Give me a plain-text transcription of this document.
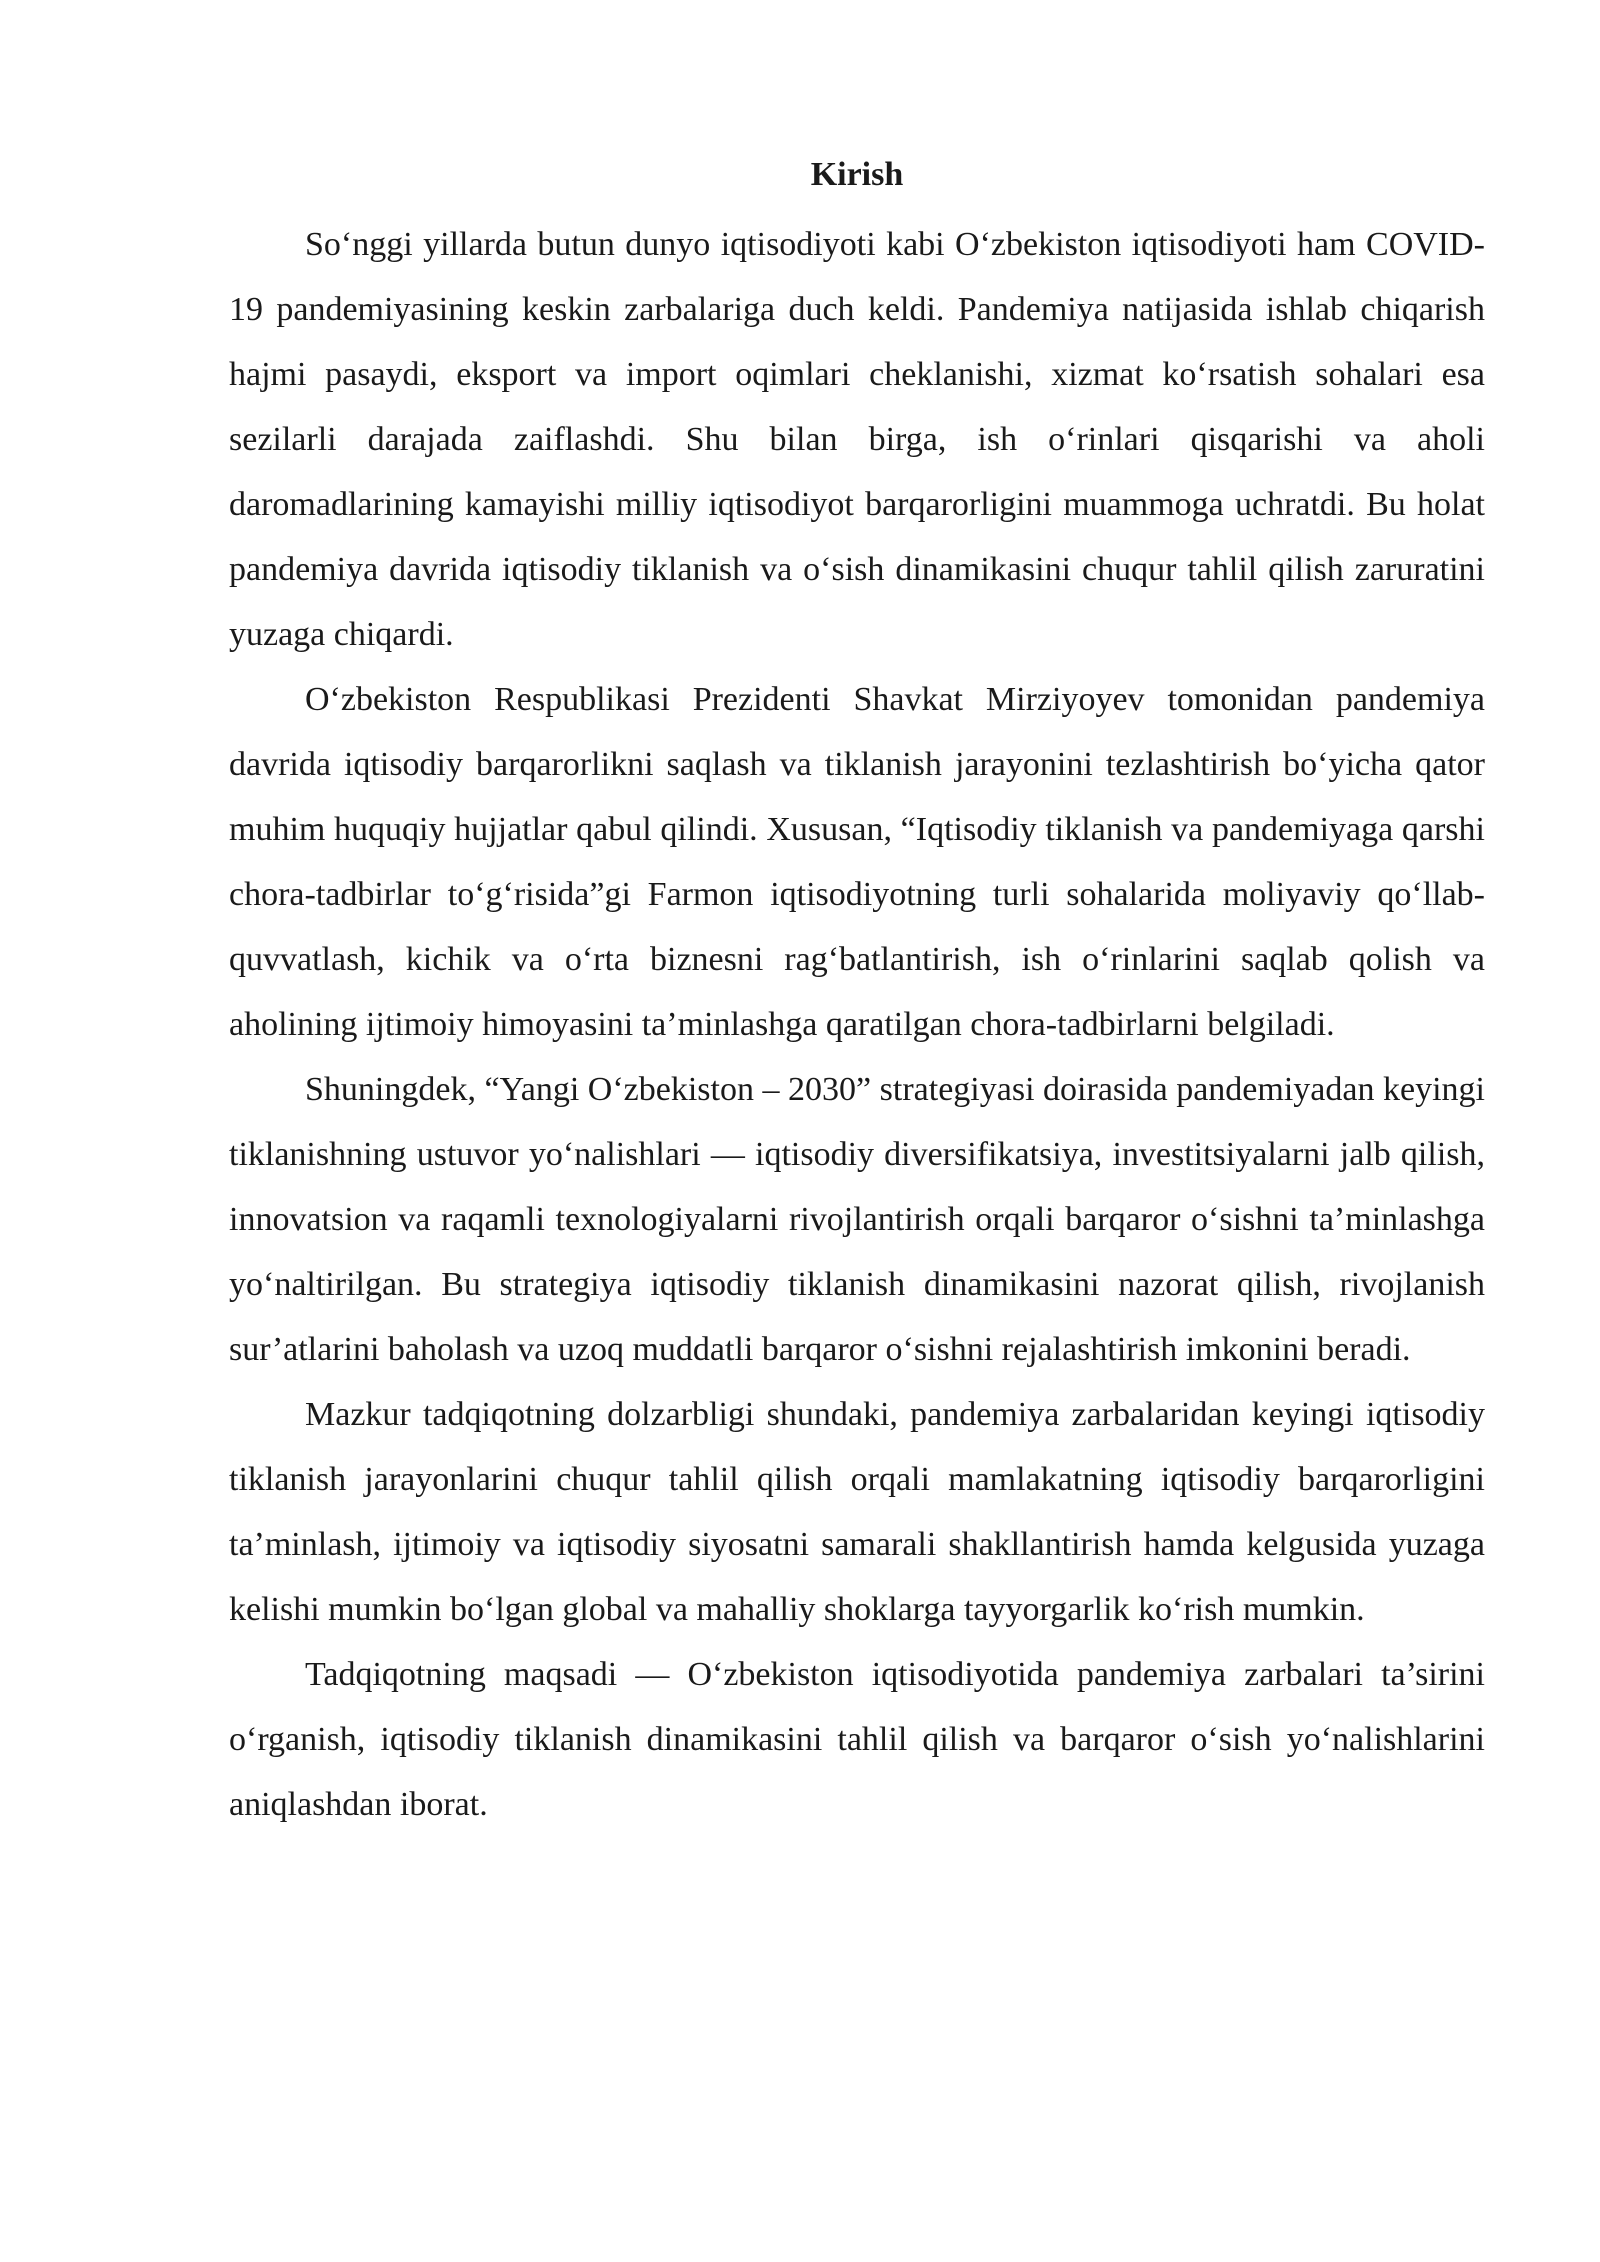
Kirish

So‘nggi yillarda butun dunyo iqtisodiyoti kabi O‘zbekiston iqtisodiyoti ham COVID-19 pandemiyasining keskin zarbalariga duch keldi. Pandemiya natijasida ishlab chiqarish hajmi pasaydi, eksport va import oqimlari cheklanishi, xizmat ko‘rsatish sohalari esa sezilarli darajada zaiflashdi. Shu bilan birga, ish o‘rinlari qisqarishi va aholi daromadlarining kamayishi milliy iqtisodiyot barqarorligini muammoga uchratdi. Bu holat pandemiya davrida iqtisodiy tiklanish va o‘sish dinamikasini chuqur tahlil qilish zaruratini yuzaga chiqardi.

O‘zbekiston Respublikasi Prezidenti Shavkat Mirziyoyev tomonidan pandemiya davrida iqtisodiy barqarorlikni saqlash va tiklanish jarayonini tezlashtirish bo‘yicha qator muhim huquqiy hujjatlar qabul qilindi. Xususan, “Iqtisodiy tiklanish va pandemiyaga qarshi chora-tadbirlar to‘g‘risida”gi Farmon iqtisodiyotning turli sohalarida moliyaviy qo‘llab-quvvatlash, kichik va o‘rta biznesni rag‘batlantirish, ish o‘rinlarini saqlab qolish va aholining ijtimoiy himoyasini ta’minlashga qaratilgan chora-tadbirlarni belgiladi.

Shuningdek, “Yangi O‘zbekiston – 2030” strategiyasi doirasida pandemiyadan keyingi tiklanishning ustuvor yo‘nalishlari — iqtisodiy diversifikatsiya, investitsiyalarni jalb qilish, innovatsion va raqamli texnologiyalarni rivojlantirish orqali barqaror o‘sishni ta’minlashga yo‘naltirilgan. Bu strategiya iqtisodiy tiklanish dinamikasini nazorat qilish, rivojlanish sur’atlarini baholash va uzoq muddatli barqaror o‘sishni rejalashtirish imkonini beradi.

Mazkur tadqiqotning dolzarbligi shundaki, pandemiya zarbalaridan keyingi iqtisodiy tiklanish jarayonlarini chuqur tahlil qilish orqali mamlakatning iqtisodiy barqarorligini ta’minlash, ijtimoiy va iqtisodiy siyosatni samarali shakllantirish hamda kelgusida yuzaga kelishi mumkin bo‘lgan global va mahalliy shoklarga tayyorgarlik ko‘rish mumkin.

Tadqiqotning maqsadi — O‘zbekiston iqtisodiyotida pandemiya zarbalari ta’sirini o‘rganish, iqtisodiy tiklanish dinamikasini tahlil qilish va barqaror o‘sish yo‘nalishlarini aniqlashdan iborat.
